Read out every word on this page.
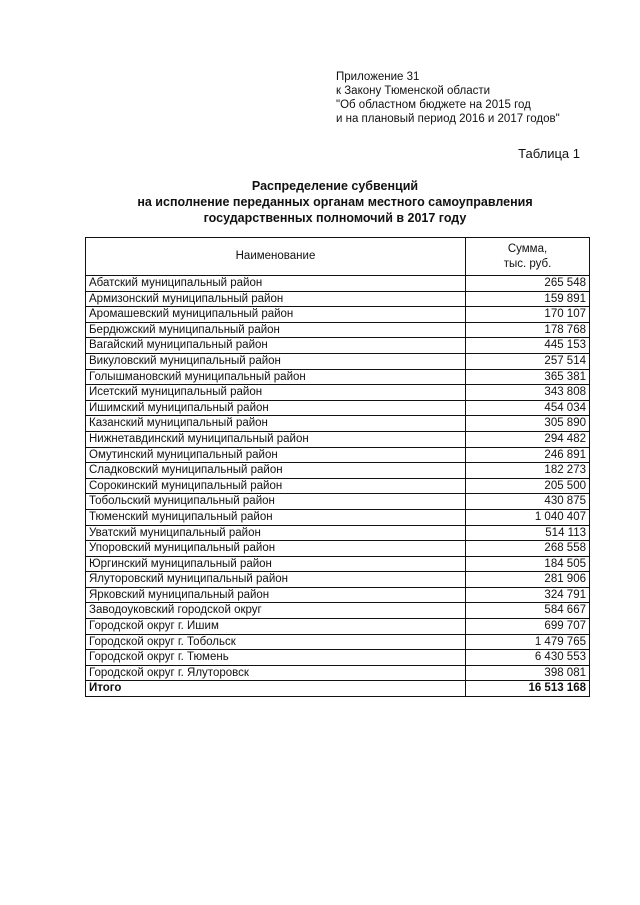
Приложение 31
к Закону Тюменской области
"Об областном бюджете на 2015 год
и на плановый период 2016 и 2017 годов"
Таблица 1
Распределение субвенций
на исполнение переданных органам местного самоуправления
государственных полномочий в 2017 году
Наименование	Сумма,
тыс. руб.

Абатский муниципальный район	265 548
Армизонский муниципальный район	159 891
Аромашевский муниципальный район	170 107
Бердюжский муниципальный район	178 768
Вагайский муниципальный район	445 153
Викуловский муниципальный район	257 514
Голышмановский муниципальный район	365 381
Исетский муниципальный район	343 808
Ишимский муниципальный район	454 034
Казанский муниципальный район	305 890
Нижнетавдинский муниципальный район	294 482
Омутинский муниципальный район	246 891
Сладковский муниципальный район	182 273
Сорокинский муниципальный район	205 500
Тобольский муниципальный район	430 875
Тюменский муниципальный район	1 040 407
Уватский муниципальный район	514 113
Упоровский муниципальный район	268 558
Юргинский муниципальный район	184 505
Ялуторовский муниципальный район	281 906
Ярковский муниципальный район	324 791
Заводоуковский городской округ	584 667
Городской округ г. Ишим	699 707
Городской округ г. Тобольск	1 479 765
Городской округ г. Тюмень	6 430 553
Городской округ г. Ялуторовск	398 081
Итого	16 513 168
